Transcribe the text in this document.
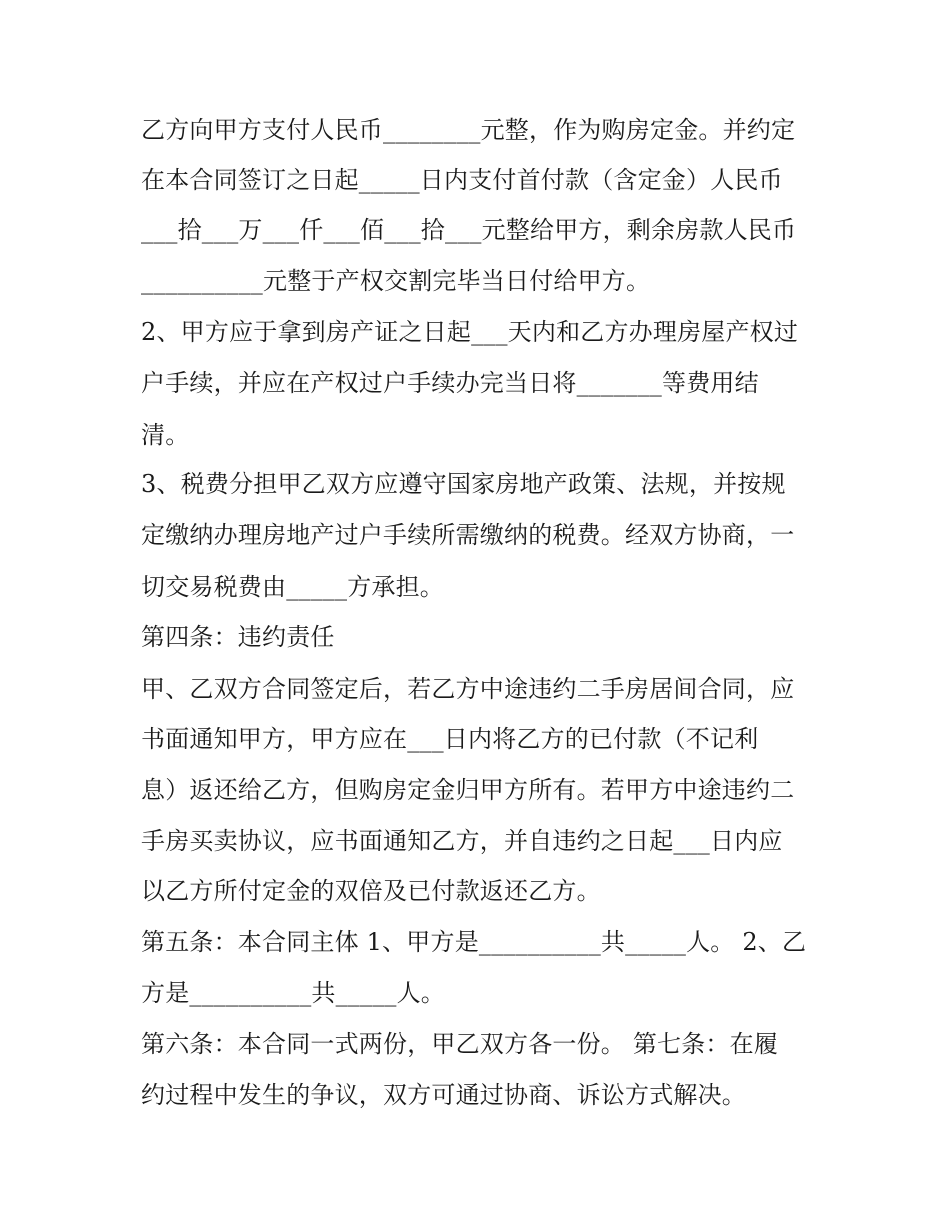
乙方向甲方支付人民币________元整，作为购房定金。并约定
在本合同签订之日起_____日内支付首付款（含定金）人民币
___拾___万___仟___佰___拾___元整给甲方，剩余房款人民币
__________元整于产权交割完毕当日付给甲方。
2、甲方应于拿到房产证之日起___天内和乙方办理房屋产权过
户手续，并应在产权过户手续办完当日将_______等费用结
清。
3、税费分担甲乙双方应遵守国家房地产政策、法规，并按规
定缴纳办理房地产过户手续所需缴纳的税费。经双方协商，一
切交易税费由_____方承担。
第四条：违约责任
甲、乙双方合同签定后，若乙方中途违约二手房居间合同，应
书面通知甲方，甲方应在___日内将乙方的已付款（不记利
息）返还给乙方，但购房定金归甲方所有。若甲方中途违约二
手房买卖协议，应书面通知乙方，并自违约之日起___日内应
以乙方所付定金的双倍及已付款返还乙方。
第五条：本合同主体 1、甲方是__________共_____人。 2、乙
方是__________共_____人。
第六条：本合同一式两份，甲乙双方各一份。 第七条：在履
约过程中发生的争议，双方可通过协商、诉讼方式解决。
